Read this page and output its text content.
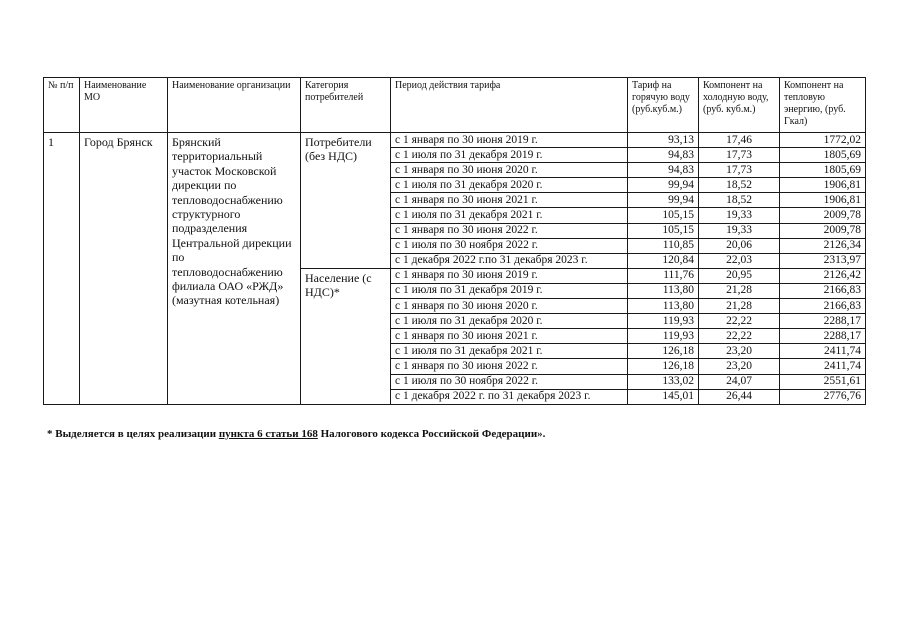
№ п/п	Наименование МО	Наименование организации	Категория потребителей	Период действия тарифа	Тариф на горячую воду (руб.куб.м.)	Компонент на холодную воду, (руб. куб.м.)	Компонент на тепловую энергию, (руб. Гкал)
1	Город Брянск	Брянский территориальный участок Московской дирекции по тепловодоснабжению структурного подразделения Центральной дирекции по тепловодоснабжению филиала ОАО «РЖД» (мазутная котельная)	Потребители (без НДС)	с 1 января по 30 июня 2019 г.	93,13	17,46	1772,02
				с 1 июля по 31 декабря 2019 г.	94,83	17,73	1805,69
				с 1 января по 30 июня 2020 г.	94,83	17,73	1805,69
				с 1 июля по 31 декабря 2020 г.	99,94	18,52	1906,81
				с 1 января по 30 июня 2021 г.	99,94	18,52	1906,81
				с 1 июля по 31 декабря 2021 г.	105,15	19,33	2009,78
				с 1 января по 30 июня 2022 г.	105,15	19,33	2009,78
				с 1 июля по 30 ноября 2022 г.	110,85	20,06	2126,34
				с 1 декабря 2022 г.по 31 декабря 2023 г.	120,84	22,03	2313,97
			Население (с НДС)*	с 1 января по 30 июня 2019 г.	111,76	20,95	2126,42
				с 1 июля по 31 декабря 2019 г.	113,80	21,28	2166,83
				с 1 января по 30 июня 2020 г.	113,80	21,28	2166,83
				с 1 июля по 31 декабря 2020 г.	119,93	22,22	2288,17
				с 1 января по 30 июня 2021 г.	119,93	22,22	2288,17
				с 1 июля по 31 декабря 2021 г.	126,18	23,20	2411,74
				с 1 января по 30 июня 2022 г.	126,18	23,20	2411,74
				с 1 июля по 30 ноября 2022 г.	133,02	24,07	2551,61
				с 1 декабря 2022 г. по 31 декабря 2023 г.	145,01	26,44	2776,76
* Выделяется в целях реализации пункта 6 статьи 168 Налогового кодекса Российской Федерации».
